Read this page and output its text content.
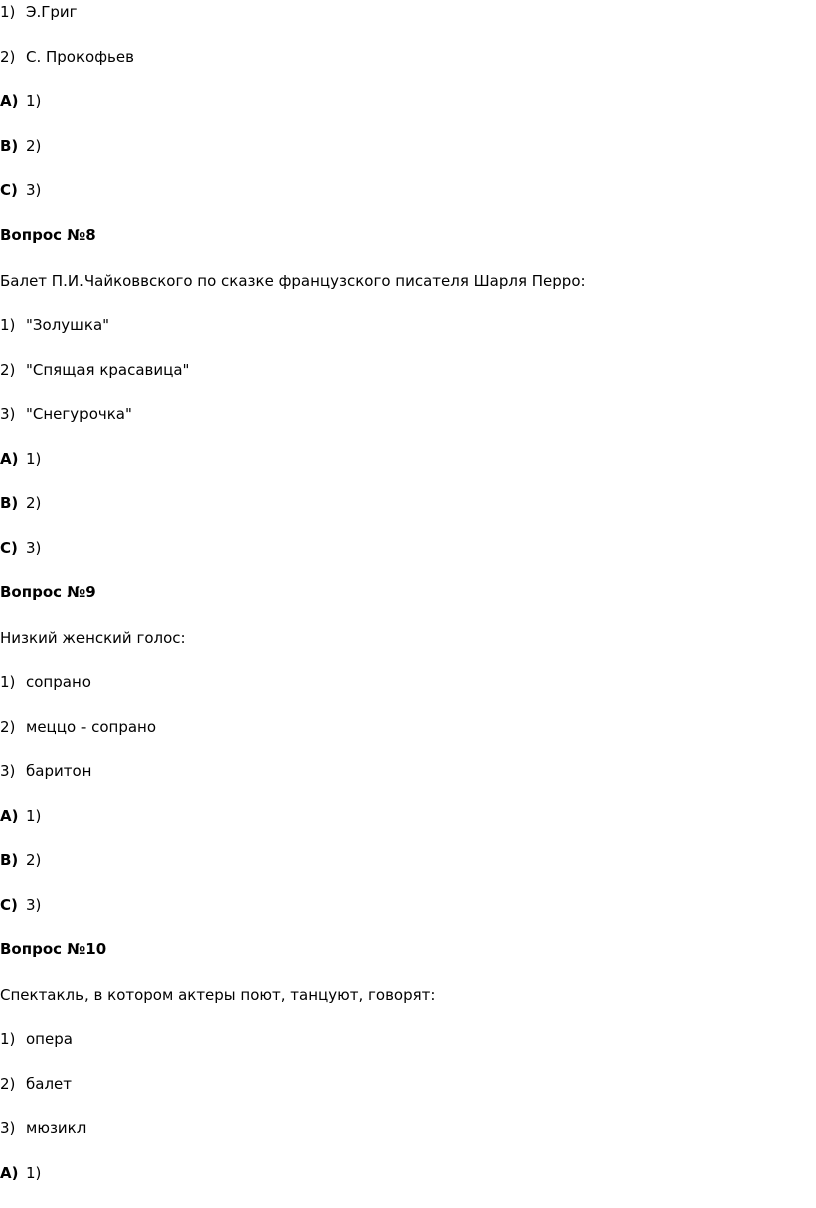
1) Э.Григ
2) С. Прокофьев
A) 1)
B) 2)
C) 3)
Вопрос №8
Балет П.И.Чайковвского по сказке французского писателя Шарля Перро:
1) "Золушка"
2) "Спящая красавица"
3) "Снегурочка"
A) 1)
B) 2)
C) 3)
Вопрос №9
Низкий женский голос:
1) сопрано
2) меццо - сопрано
3) баритон
A) 1)
B) 2)
C) 3)
Вопрос №10
Спектакль, в котором актеры поют, танцуют, говорят:
1) опера
2) балет
3) мюзикл
A) 1)
